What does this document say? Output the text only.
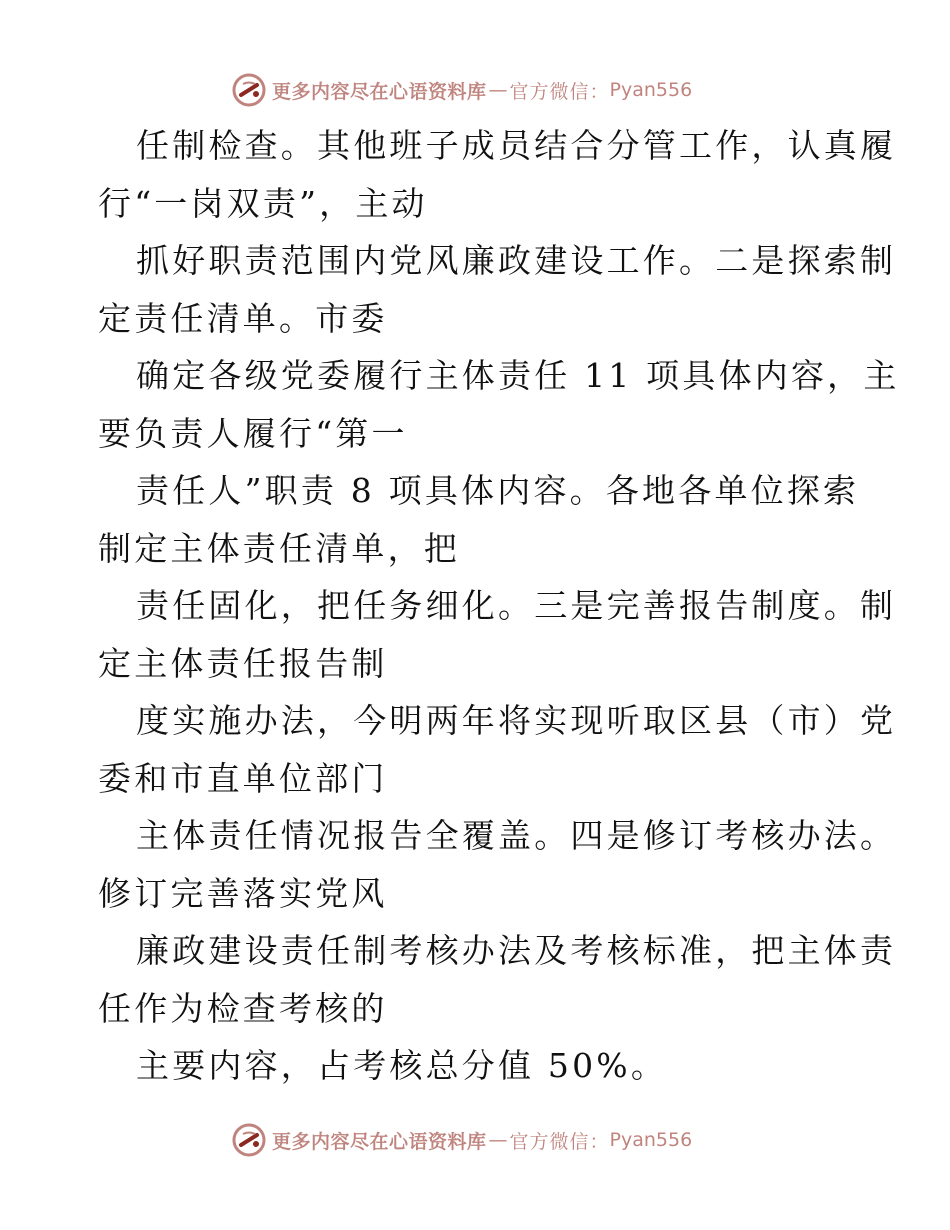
更多内容尽在心语资料库 — 官方微信： Pyan556
任制检查。其他班子成员结合分管工作，认真履
行“一岗双责”，主动
抓好职责范围内党风廉政建设工作。二是探索制
定责任清单。市委
确定各级党委履行主体责任 11 项具体内容，主
要负责人履行“第一
责任人”职责 8 项具体内容。各地各单位探索
制定主体责任清单，把
责任固化，把任务细化。三是完善报告制度。制
定主体责任报告制
度实施办法，今明两年将实现听取区县（市）党
委和市直单位部门
主体责任情况报告全覆盖。四是修订考核办法。
修订完善落实党风
廉政建设责任制考核办法及考核标准，把主体责
任作为检查考核的
主要内容，占考核总分值 50%。
更多内容尽在心语资料库 — 官方微信： Pyan556
